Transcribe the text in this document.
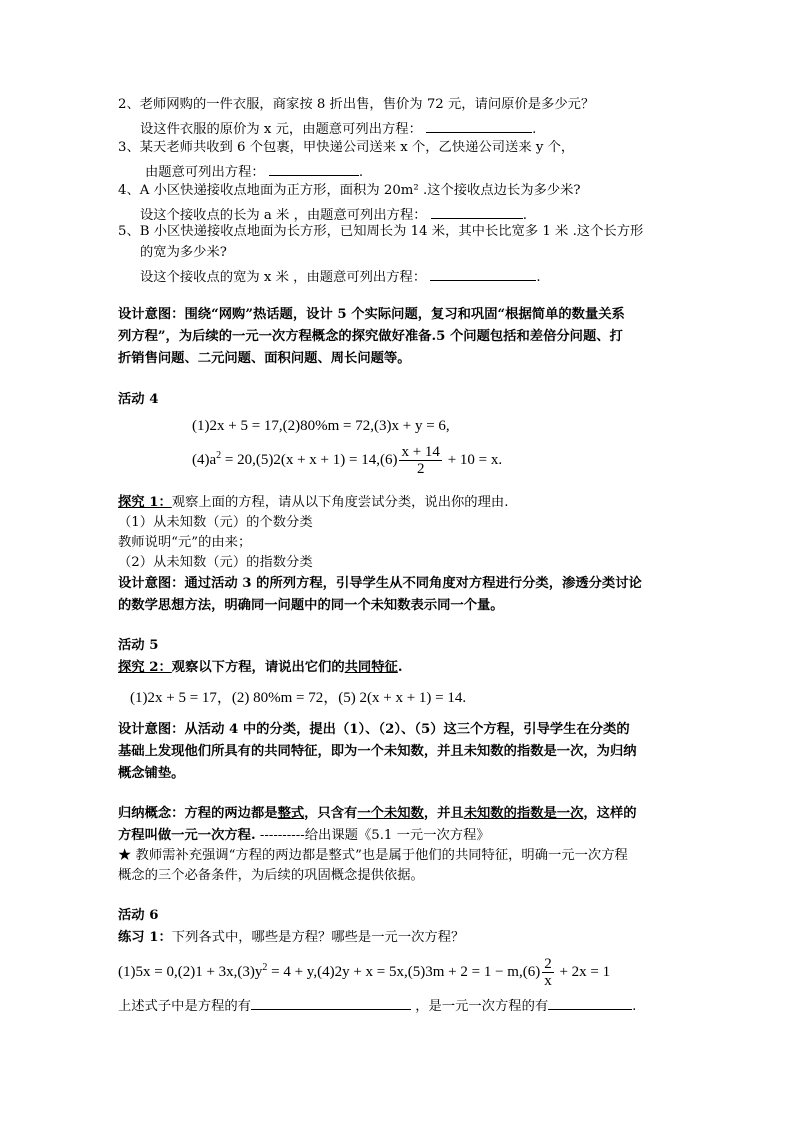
2、老师网购的一件衣服，商家按 8 折出售，售价为 72 元，请问原价是多少元？
设这件衣服的原价为 x 元，由题意可列出方程：	.
3、某天老师共收到 6 个包裹，甲快递公司送来 x 个，乙快递公司送来 y 个，
由题意可列出方程：	.
4、A 小区快递接收点地面为正方形，面积为 20m² .这个接收点边长为多少米?
设这个接收点的长为 a 米 ，由题意可列出方程：	.
5、B 小区快递接收点地面为长方形，已知周长为 14 米，其中长比宽多 1 米 .这个长方形
的宽为多少米?
设这个接收点的宽为 x 米 ，由题意可列出方程：	.
设计意图：围绕“网购”热话题，设计 5 个实际问题，复习和巩固“根据简单的数量关系
列方程”，为后续的一元一次方程概念的探究做好准备.5 个问题包括和差倍分问题、打
折销售问题、二元问题、面积问题、周长问题等。
活动 4
(1)2x + 5 = 17,(2)80%m = 72,(3)x + y = 6,
$(4)a^2 = 20,(5)2(x + x + 1) = 14,(6) \frac{x + 14}{2} + 10 = x$.
探究 1：观察上面的方程，请从以下角度尝试分类，说出你的理由.
（1）从未知数（元）的个数分类
教师说明“元”的由来；
（2）从未知数（元）的指数分类
设计意图：通过活动 3 的所列方程，引导学生从不同角度对方程进行分类，渗透分类讨论
的数学思想方法，明确同一问题中的同一个未知数表示同一个量。
活动 5
探究 2：观察以下方程，请说出它们的共同特征.
(1)2x + 5 = 17，(2) 80%m = 72，(5) 2(x + x + 1) = 14.
设计意图：从活动 4 中的分类，提出（1）、（2）、（5）这三个方程，引导学生在分类的
基础上发现他们所具有的共同特征，即为一个未知数，并且未知数的指数是一次，为归纳
概念铺垫。
归纳概念：方程的两边都是整式，只含有一个未知数，并且未知数的指数是一次，这样的
方程叫做一元一次方程. ----------给出课题《5.1 一元一次方程》
★ 教师需补充强调“方程的两边都是整式”也是属于他们的共同特征，明确一元一次方程
概念的三个必备条件，为后续的巩固概念提供依据。
活动 6
练习 1：下列各式中，哪些是方程？哪些是一元一次方程？
$(1)5x = 0,(2)1 + 3x,(3)y^2 = 4 + y,(4)2y + x = 5x,(5)3m + 2 = 1 - m,(6) \frac{2}{x} + 2x = 1$
上述式子中是方程的有	，是一元一次方程的有	.
